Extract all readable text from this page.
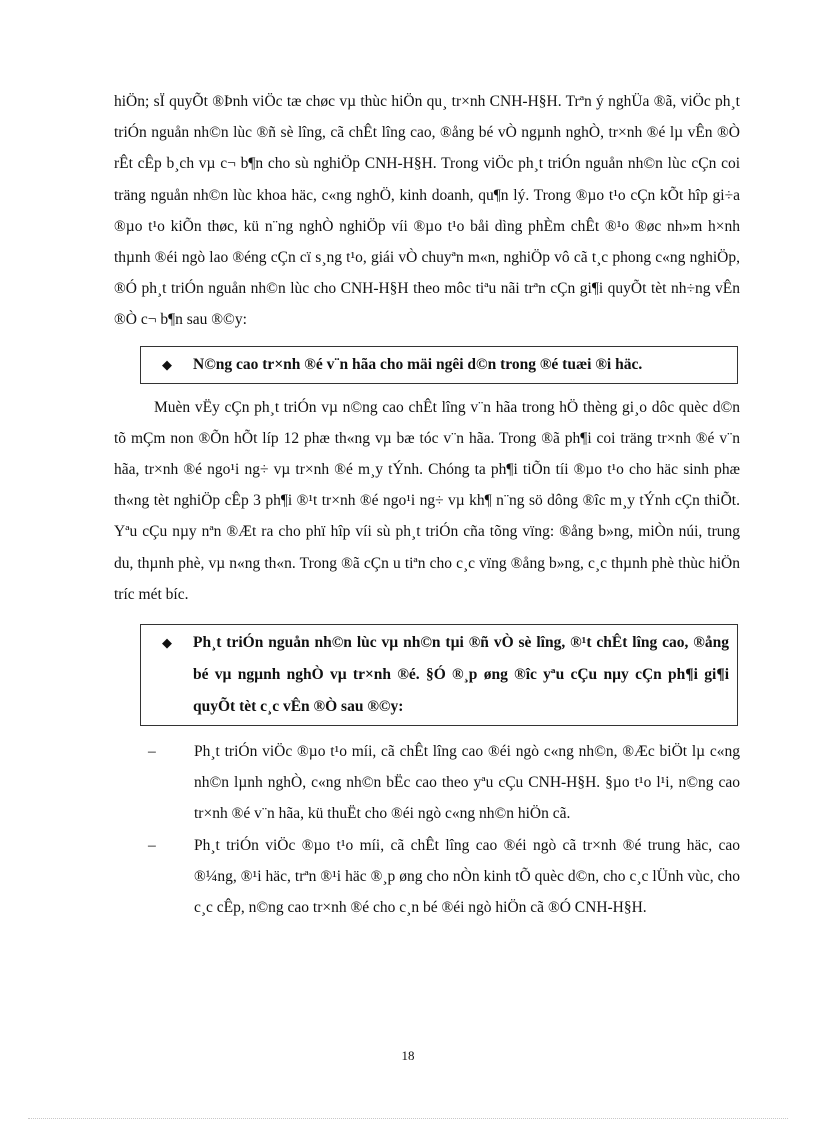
hiÖn; sÏ quyÕt ®Þnh viÖc tæ chøc vµ thùc hiÖn qu¸ tr×nh CNH-H§H. Trªn ý nghÜa ®ã, viÖc ph¸t triÓn nguån nh©n lùc ®ñ sè lîng, cã chÊt lîng cao, ®ång bé vÒ ngµnh nghÒ, tr×nh ®é lµ vÊn ®Ò rÊt cÊp b¸ch vµ c¬ b¶n cho sù nghiÖp CNH-H§H. Trong viÖc ph¸t triÓn nguån nh©n lùc cÇn coi träng nguån nh©n lùc khoa häc, c«ng nghÖ, kinh doanh, qu¶n lý. Trong ®µo t¹o cÇn kÕt hîp gi÷a ®µo t¹o kiÕn thøc, kü n¨ng nghÒ nghiÖp víi ®µo t¹o båi dìng phÈm chÊt ®¹o ®øc nh»m h×nh thµnh ®éi ngò lao ®éng cÇn cï s¸ng t¹o, giái vÒ chuyªn m«n, nghiÖp vô cã t¸c phong c«ng nghiÖp, ®Ó ph¸t triÓn nguån nh©n lùc cho CNH-H§H theo môc tiªu nãi trªn cÇn gi¶i quyÕt tèt nh÷ng vÊn ®Ò c¬ b¶n sau ®©y:

◆	N©ng cao tr×nh ®é v¨n hãa cho mäi ngêi d©n trong ®é tuæi ®i häc.

Muèn vËy cÇn ph¸t triÓn vµ n©ng cao chÊt lîng v¨n hãa trong hÖ thèng gi¸o dôc quèc d©n tõ mÇm non ®Õn hÕt líp 12 phæ th«ng vµ bæ tóc v¨n hãa. Trong ®ã ph¶i coi träng tr×nh ®é v¨n hãa, tr×nh ®é ngo¹i ng÷ vµ tr×nh ®é m¸y tÝnh. Chóng ta ph¶i tiÕn tíi ®µo t¹o cho häc sinh phæ th«ng tèt nghiÖp cÊp 3 ph¶i ®¹t tr×nh ®é ngo¹i ng÷ vµ kh¶ n¨ng sö dông ®îc m¸y tÝnh cÇn thiÕt. Yªu cÇu nµy nªn ®Æt ra cho phï hîp víi sù ph¸t triÓn cña tõng vïng: ®ång b»ng, miÒn núi, trung du, thµnh phè, vµ n«ng th«n. Trong ®ã cÇn u tiªn cho c¸c vïng ®ång b»ng, c¸c thµnh phè thùc hiÖn tríc mét bíc.

◆	Ph¸t triÓn nguån nh©n lùc vµ nh©n tµi ®ñ vÒ sè lîng, ®¹t chÊt lîng cao, ®ång bé vµ ngµnh nghÒ vµ tr×nh ®é. §Ó ®¸p øng ®îc yªu cÇu nµy cÇn ph¶i gi¶i quyÕt tèt c¸c vÊn ®Ò sau ®©y:
–	Ph¸t triÓn viÖc ®µo t¹o míi, cã chÊt lîng cao ®éi ngò c«ng nh©n, ®Æc biÖt lµ c«ng nh©n lµnh nghÒ, c«ng nh©n bËc cao theo yªu cÇu CNH-H§H. §µo t¹o l¹i, n©ng cao tr×nh ®é v¨n hãa, kü thuËt cho ®éi ngò c«ng nh©n hiÖn cã.
–	Ph¸t triÓn viÖc ®µo t¹o míi, cã chÊt lîng cao ®éi ngò cã tr×nh ®é trung häc, cao ®¼ng, ®¹i häc, trªn ®¹i häc ®¸p øng cho nÒn kinh tÕ quèc d©n, cho c¸c lÜnh vùc, cho c¸c cÊp, n©ng cao tr×nh ®é cho c¸n bé ®éi ngò hiÖn cã ®Ó CNH-H§H.
18
